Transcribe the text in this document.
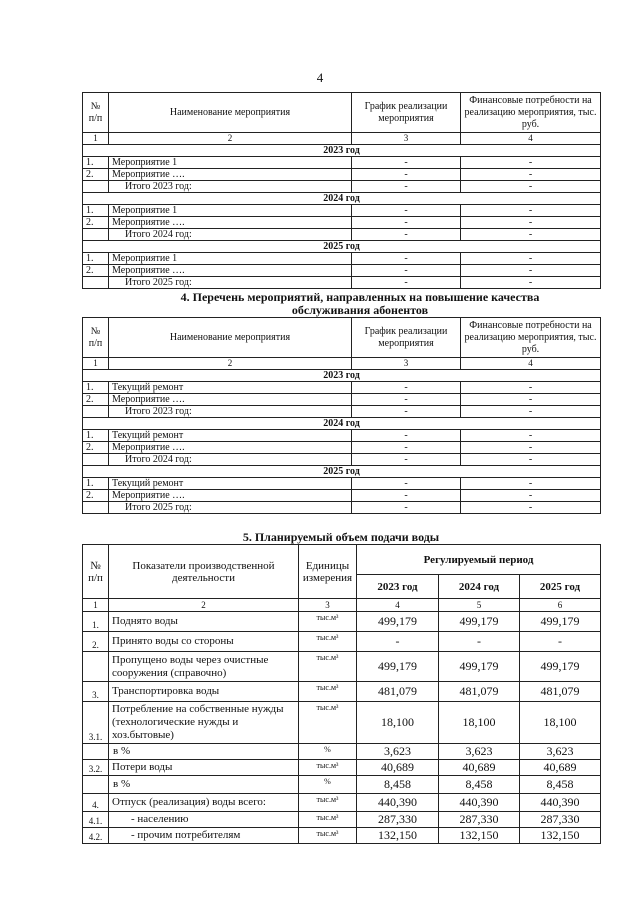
4
№ п/п	Наименование мероприятия	График реализации мероприятия	Финансовые потребности на реализацию мероприятия, тыс. руб.
1	2	3	4
2023 год			
1.	Мероприятие 1	-	-
2.	Мероприятие ….	-	-
	Итого 2023 год:	-	-
2024 год			
1.	Мероприятие 1	-	-
2.	Мероприятие ….	-	-
	Итого 2024 год:	-	-
2025 год			
1.	Мероприятие 1	-	-
2.	Мероприятие ….	-	-
	Итого 2025 год:	-	-
4. Перечень мероприятий, направленных на повышение качества обслуживания абонентов
№ п/п	Наименование мероприятия	График реализации мероприятия	Финансовые потребности на реализацию мероприятия, тыс. руб.
1	2	3	4
2023 год			
1.	Текущий ремонт	-	-
2.	Мероприятие ….	-	-
	Итого 2023 год:	-	-
2024 год			
1.	Текущий ремонт	-	-
2.	Мероприятие ….	-	-
	Итого 2024 год:	-	-
2025 год			
1.	Текущий ремонт	-	-
2.	Мероприятие ….	-	-
	Итого 2025 год:	-	-
5. Планируемый объем подачи воды
№ п/п	Показатели производственной деятельности	Единицы измерения	Регулируемый период		
			2023 год	2024 год	2025 год
1	2	3	4	5	6
1.	Поднято воды	тыс.м³	499,179	499,179	499,179
2.	Принято воды со стороны	тыс.м³	-	-	-
	Пропущено воды через очистные сооружения (справочно)	тыс.м³	499,179	499,179	499,179
3.	Транспортировка воды	тыс.м³	481,079	481,079	481,079
3.1.	Потребление на собственные нужды (технологические нужды и хоз.бытовые)	тыс.м³	18,100	18,100	18,100
	в %	%	3,623	3,623	3,623
3.2.	Потери воды	тыс.м³	40,689	40,689	40,689
	в %	%	8,458	8,458	8,458
4.	Отпуск (реализация) воды всего:	тыс.м³	440,390	440,390	440,390
4.1.	- населению	тыс.м³	287,330	287,330	287,330
4.2.	- прочим потребителям	тыс.м³	132,150	132,150	132,150
